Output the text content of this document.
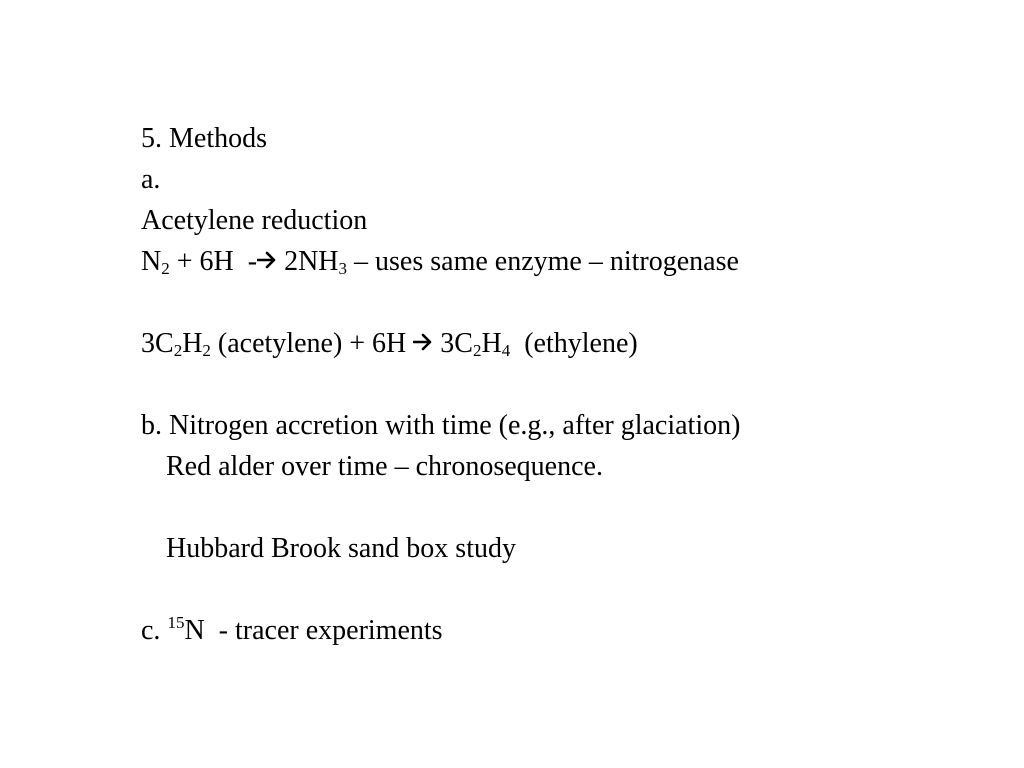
5. Methods
a.
Acetylene reduction
$N_2 + 6H - 2NH_3$ – uses same enzyme – nitrogenase
$3C_2H_2$ (acetylene) + 6H  $3C_2H_4$  (ethylene)
b. Nitrogen accretion with time (e.g., after glaciation)
Red alder over time – chronosequence.
Hubbard Brook sand box study
c. $^{15}$N  - tracer experiments
